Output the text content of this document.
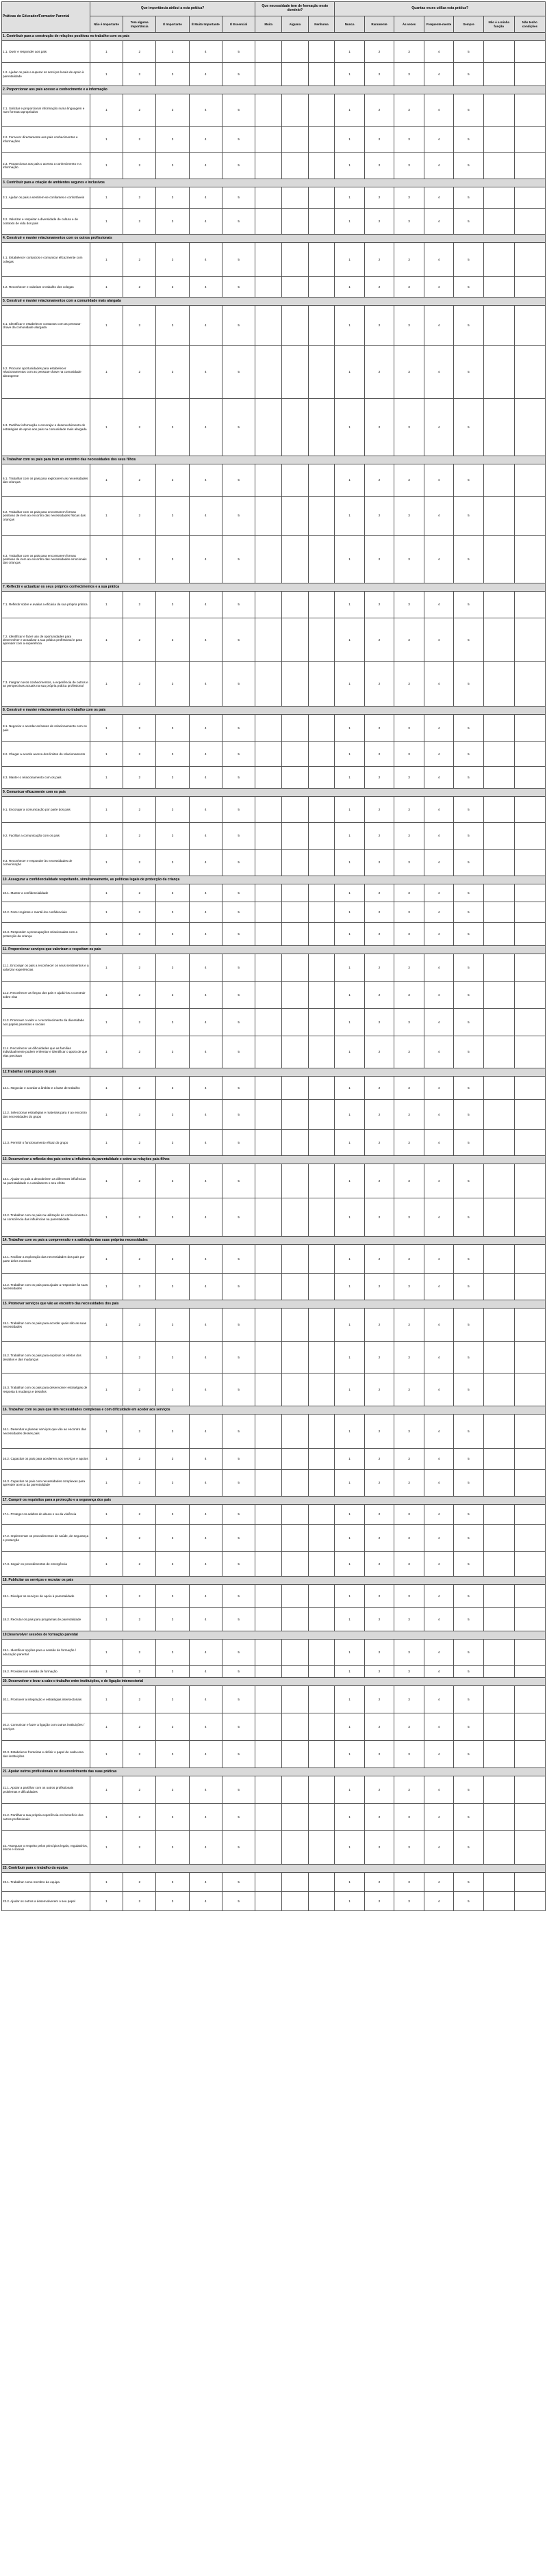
Práticas do Educador/Formador Parental	Que importância atribui a esta prática?					Que necessidade tem de formação neste domínio?			Quantas vezes utiliza esta prática?						
	Não é Importante	Tem alguma Importância	É Importante	É Muito Importante	É Essencial	Muita	Alguma	Nenhuma	Nunca	Raramente	Às vezes	Frequente-mente	Sempre	Não é a minha função	Não tenho condições
1. Contribuir para a construção de relações positivas no trabalho com os pais															
1.1. Ouvir e responder aos pais	1	2	3	4	5				1	2	3	4	5		
1.2. Ajudar os pais a superar os serviços locais de apoio à parentalidade	1	2	3	4	5				1	2	3	4	5		
2. Proporcionar aos pais acesso a conhecimento e a informação															
2.1. Solicitar e proporcionar informação numa linguagem e num formato apropriados	1	2	3	4	5				1	2	3	4	5		
2.2. Fornecer directamente aos pais conhecimentos e informações	1	2	3	4	5				1	2	3	4	5		
2.3. Proporcionar aos pais o acesso a conhecimento e a informação	1	2	3	4	5				1	2	3	4	5		
3. Contribuir para a criação de ambientes seguros e inclusivos															
3.1. Ajudar os pais a sentirem-se confiantes e confortáveis	1	2	3	4	5				1	2	3	4	5		
3.2. Valorizar e respeitar a diversidade de cultura e de contexto de vida dos pais	1	2	3	4	5				1	2	3	4	5		
4. Construir e manter relacionamentos com os outros profissionais															
4.1. Estabelecer contactos e comunicar eficazmente com colegas	1	2	3	4	5				1	2	3	4	5		
4.2. Reconhecer e valorizar o trabalho dos colegas	1	2	3	4	5				1	2	3	4	5		
5. Construir e manter relacionamentos com a comunidade mais alargada															
5.1. Identificar e estabelecer contactos com as pessoas-chave da comunidade alargada	1	2	3	4	5				1	2	3	4	5		
5.2. Procurar oportunidades para estabelecer relacionamentos com as pessoas-chave na comunidade abrangente	1	2	3	4	5				1	2	3	4	5		
5.3. Partilhar informação e encorajar o desenvolvimento de estratégias de apoio aos pais na comunidade mais alargada	1	2	3	4	5				1	2	3	4	5		
6. Trabalhar com os pais para irem ao encontro das necessidades dos seus filhos															
6.1. Trabalhar com os pais para explorarem as necessidades das crianças	1	2	3	4	5				1	2	3	4	5		
6.2. Trabalhar com os pais para encontrarem formas positivas de irem ao encontro das necessidades físicas das crianças	1	2	3	4	5				1	2	3	4	5		
6.3. Trabalhar com os pais para encontrarem formas positivas de irem ao encontro das necessidades emocionais das crianças	1	2	3	4	5				1	2	3	4	5		
7. Reflectir e actualizar os seus próprios conhecimentos e a sua prática															
7.1. Reflectir sobre e avaliar a eficácia da sua própria prática	1	2	3	4	5				1	2	3	4	5		
7.2. Identificar e fazer uso de oportunidades para desenvolver e actualizar a sua prática profissional e para aprender com a experiência	1	2	3	4	5				1	2	3	4	5		
7.3. Integrar novos conhecimentos, a experiência de outros e as perspectivas actuais na sua própria prática profissional	1	2	3	4	5				1	2	3	4	5		
8. Construir e manter relacionamentos no trabalho com os pais															
8.1. Negociar e acordar as bases de relacionamento com os pais	1	2	3	4	5				1	2	3	4	5		
8.2. Chegar a acordo acerca dos limites do relacionamento	1	2	3	4	5				1	2	3	4	5		
8.3. Manter o relacionamento com os pais	1	2	3	4	5				1	2	3	4	5		
9. Comunicar eficazmente com os pais															
9.1. Encorajar a comunicação por parte dos pais	1	2	3	4	5				1	2	3	4	5		
9.2. Facilitar a comunicação com os pais	1	2	3	4	5				1	2	3	4	5		
9.3. Reconhecer e responder às necessidades de comunicação	1	2	3	4	5				1	2	3	4	5		
10. Assegurar a confidencialidade respeitando, simultaneamente, as políticas legais de protecção da criança															
10.1. Manter a confidencialidade	1	2	3	4	5				1	2	3	4	5		
10.2. Fazer registos e mantê-los confidenciais	1	2	3	4	5				1	2	3	4	5		
10.3. Responder a preocupações relacionadas com a protecção da criança	1	2	3	4	5				1	2	3	4	5		
11. Proporcionar serviços que valorizam e respeitam os pais															
11.1. Encorajar os pais a reconhecer os seus sentimentos e a valorizar experiências	1	2	3	4	5				1	2	3	4	5		
11.2. Reconhecer as forças dos pais e ajudá-los a construir sobre elas	1	2	3	4	5				1	2	3	4	5		
11.3. Promover o valor e o reconhecimento da diversidade nos papéis parentais e sociais	1	2	3	4	5				1	2	3	4	5		
11.4. Reconhecer as dificuldades que as famílias individualmente podem enfrentar e identificar o apoio de que elas precisam	1	2	3	4	5				1	2	3	4	5		
12.Trabalhar com grupos de pais															
12.1. Negociar e acordar a âmbito e a base de trabalho	1	2	3	4	5				1	2	3	4	5		
12.2. Seleccionar estratégias e materiais para ir ao encontro das necessidades do grupo	1	2	3	4	5				1	2	3	4	5		
12.3. Permitir o funcionamento eficaz do grupo	1	2	3	4	5				1	2	3	4	5		
13. Desenvolver a reflexão dos pais sobre a influência da parentalidade e sobre as relações pais-filhos															
13.1. Ajudar os pais a descobrirem as diferentes influências na parentalidade e a analisarem o seu efeito	1	2	3	4	5				1	2	3	4	5		
13.2. Trabalhar com os pais na utilização do conhecimento e na consciência das influências na parentalidade	1	2	3	4	5				1	2	3	4	5		
14. Trabalhar com os pais a compreensão e a satisfação das suas próprias necessidades															
14.1. Facilitar a exploração das necessidades dos pais por parte deles mesmos	1	2	3	4	5				1	2	3	4	5		
14.2. Trabalhar com os pais para ajudar a responder às suas necessidades	1	2	3	4	5				1	2	3	4	5		
15. Promover serviços que vão ao encontro das necessidades dos pais															
15.1. Trabalhar com os pais para acordar quais são as suas necessidades	1	2	3	4	5				1	2	3	4	5		
15.2. Trabalhar com os pais para explorar os efeitos dos desafios e das mudanças	1	2	3	4	5				1	2	3	4	5		
15.3. Trabalhar com os pais para desenvolver estratégias de resposta à mudança e desafios	1	2	3	4	5				1	2	3	4	5		
16. Trabalhar com os pais que têm necessidades complexas e com dificuldade em aceder aos serviços															
16.1. Desenhar e planear serviços que vão ao encontro das necessidades desses pais	1	2	3	4	5				1	2	3	4	5		
16.2. Capacitar os pais para acederem aos serviços e apoios	1	2	3	4	5				1	2	3	4	5		
16.3. Capacitar os pais com necessidades complexas para aprender acerca da parentalidade	1	2	3	4	5				1	2	3	4	5		
17. Cumprir os requisitos para a protecção e a segurança dos pais															
17.1. Proteger os adultos do abuso e ou da violência	1	2	3	4	5				1	2	3	4	5		
17.2. Implementar os procedimentos de saúde, de segurança e protecção	1	2	3	4	5				1	2	3	4	5		
17.3. Seguir os procedimentos de emergência	1	2	3	4	5				1	2	3	4	5		
18. Publicitar os serviços e recrutar os pais															
18.1. Divulgar os serviços de apoio à parentalidade	1	2	3	4	5				1	2	3	4	5		
18.2. Recrutar os pais para programas de parentalidade	1	2	3	4	5				1	2	3	4	5		
19.Desenvolver sessões de formação parental															
19.1. Identificar opções para a sessão de formação / educação parental	1	2	3	4	5				1	2	3	4	5		
19.2. Providenciar sessão de formação	1	2	3	4	5				1	2	3	4	5		
20. Desenvolver e levar a cabo o trabalho entre instituições, e de ligação intersectorial															
20.1. Promover a integração e estratégias intersectoriais	1	2	3	4	5				1	2	3	4	5		
20.2. Comunicar e fazer a ligação com outras instituições / serviços	1	2	3	4	5				1	2	3	4	5		
20.3. Estabelecer fronteiras e definir o papel de cada uma das instituições	1	2	3	4	5				1	2	3	4	5		
21. Apoiar outros profissionais no desenvolvimento das suas práticas															
21.1. Apoiar a partilhar com os outros profissionais problemas e dificuldades	1	2	3	4	5				1	2	3	4	5		
21.2. Partilhar a sua própria experiência em benefício dos outros profissionais	1	2	3	4	5				1	2	3	4	5		
22. Assegurar o respeito pelos princípios legais, regulatórios, éticos e sociais	1	2	3	4	5				1	2	3	4	5		
23. Contribuir para o trabalho da equipa															
23.1. Trabalhar como membro da equipa	1	2	3	4	5				1	2	3	4	5		
23.2. Ajudar os outros a desenvolverem o seu papel	1	2	3	4	5				1	2	3	4	5		
